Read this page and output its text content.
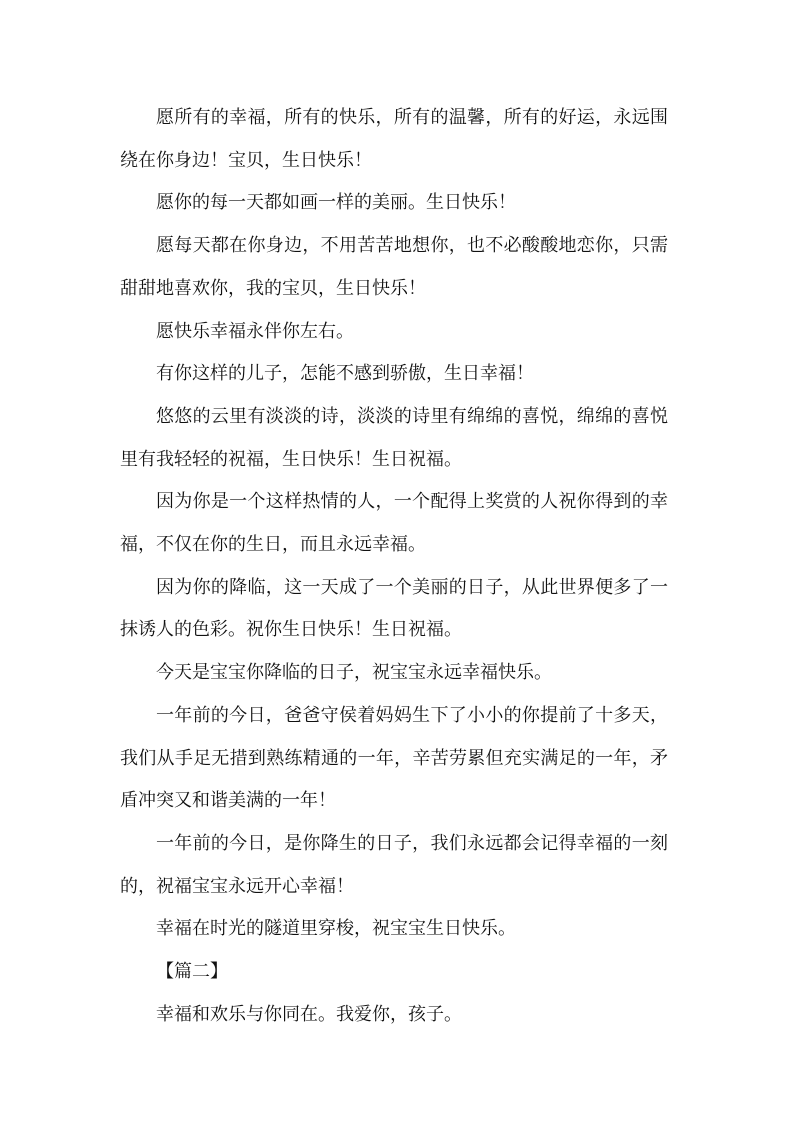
愿所有的幸福，所有的快乐，所有的温馨，所有的好运，永远围绕在你身边！宝贝，生日快乐！

愿你的每一天都如画一样的美丽。生日快乐！

愿每天都在你身边，不用苦苦地想你，也不必酸酸地恋你，只需甜甜地喜欢你，我的宝贝，生日快乐！

愿快乐幸福永伴你左右。

有你这样的儿子，怎能不感到骄傲，生日幸福！

悠悠的云里有淡淡的诗，淡淡的诗里有绵绵的喜悦，绵绵的喜悦里有我轻轻的祝福，生日快乐！生日祝福。

因为你是一个这样热情的人，一个配得上奖赏的人祝你得到的幸福，不仅在你的生日，而且永远幸福。

因为你的降临，这一天成了一个美丽的日子，从此世界便多了一抹诱人的色彩。祝你生日快乐！生日祝福。

今天是宝宝你降临的日子，祝宝宝永远幸福快乐。

一年前的今日，爸爸守侯着妈妈生下了小小的你提前了十多天，我们从手足无措到熟练精通的一年，辛苦劳累但充实满足的一年，矛盾冲突又和谐美满的一年！

一年前的今日，是你降生的日子，我们永远都会记得幸福的一刻的，祝福宝宝永远开心幸福！

幸福在时光的隧道里穿梭，祝宝宝生日快乐。

【篇二】

幸福和欢乐与你同在。我爱你，孩子。
